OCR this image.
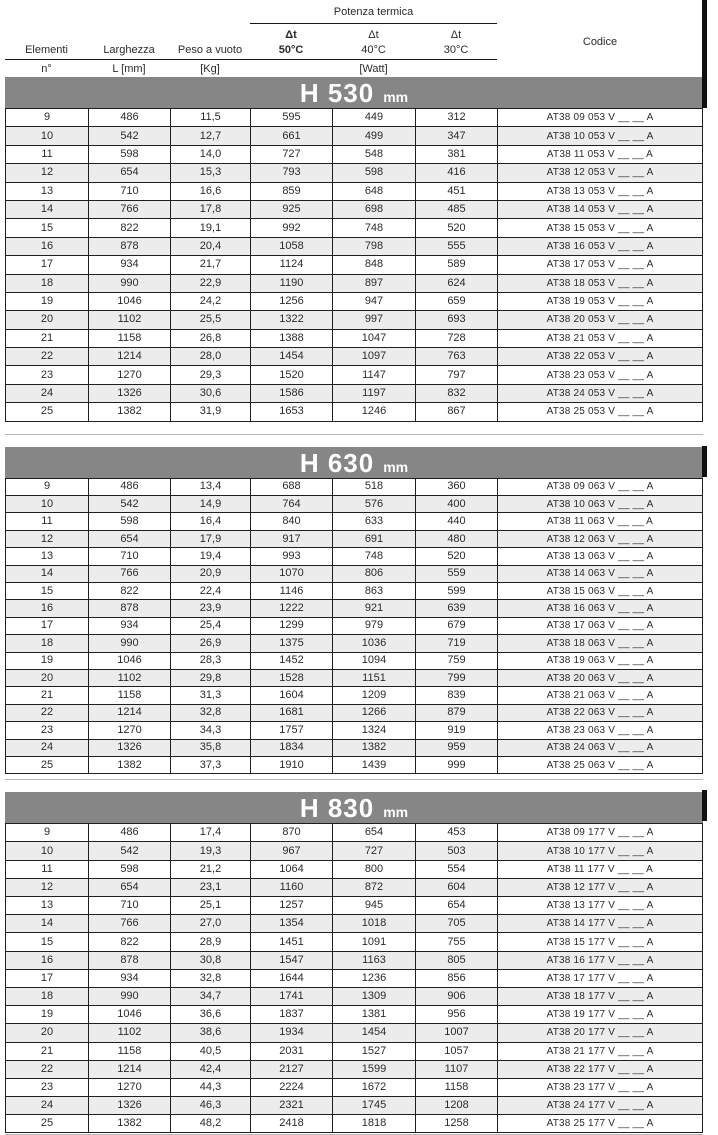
Potenza termica
Δt	Δt	Δt
Elementi	Larghezza	Peso a vuoto	50°C	40°C	30°C
Codice
n°	L [mm]	[Kg]	[Watt]
H 530 mm
9	486	11,5	595	449	312	AT38 09 053 V __ __ A
10	542	12,7	661	499	347	AT38 10 053 V __ __ A
11	598	14,0	727	548	381	AT38 11 053 V __ __ A
12	654	15,3	793	598	416	AT38 12 053 V __ __ A
13	710	16,6	859	648	451	AT38 13 053 V __ __ A
14	766	17,8	925	698	485	AT38 14 053 V __ __ A
15	822	19,1	992	748	520	AT38 15 053 V __ __ A
16	878	20,4	1058	798	555	AT38 16 053 V __ __ A
17	934	21,7	1124	848	589	AT38 17 053 V __ __ A
18	990	22,9	1190	897	624	AT38 18 053 V __ __ A
19	1046	24,2	1256	947	659	AT38 19 053 V __ __ A
20	1102	25,5	1322	997	693	AT38 20 053 V __ __ A
21	1158	26,8	1388	1047	728	AT38 21 053 V __ __ A
22	1214	28,0	1454	1097	763	AT38 22 053 V __ __ A
23	1270	29,3	1520	1147	797	AT38 23 053 V __ __ A
24	1326	30,6	1586	1197	832	AT38 24 053 V __ __ A
25	1382	31,9	1653	1246	867	AT38 25 053 V __ __ A
H 630 mm
9	486	13,4	688	518	360	AT38 09 063 V __ __ A
10	542	14,9	764	576	400	AT38 10 063 V __ __ A
11	598	16,4	840	633	440	AT38 11 063 V __ __ A
12	654	17,9	917	691	480	AT38 12 063 V __ __ A
13	710	19,4	993	748	520	AT38 13 063 V __ __ A
14	766	20,9	1070	806	559	AT38 14 063 V __ __ A
15	822	22,4	1146	863	599	AT38 15 063 V __ __ A
16	878	23,9	1222	921	639	AT38 16 063 V __ __ A
17	934	25,4	1299	979	679	AT38 17 063 V __ __ A
18	990	26,9	1375	1036	719	AT38 18 063 V __ __ A
19	1046	28,3	1452	1094	759	AT38 19 063 V __ __ A
20	1102	29,8	1528	1151	799	AT38 20 063 V __ __ A
21	1158	31,3	1604	1209	839	AT38 21 063 V __ __ A
22	1214	32,8	1681	1266	879	AT38 22 063 V __ __ A
23	1270	34,3	1757	1324	919	AT38 23 063 V __ __ A
24	1326	35,8	1834	1382	959	AT38 24 063 V __ __ A
25	1382	37,3	1910	1439	999	AT38 25 063 V __ __ A
H 830 mm
9	486	17,4	870	654	453	AT38 09 177 V __ __ A
10	542	19,3	967	727	503	AT38 10 177 V __ __ A
11	598	21,2	1064	800	554	AT38 11 177 V __ __ A
12	654	23,1	1160	872	604	AT38 12 177 V __ __ A
13	710	25,1	1257	945	654	AT38 13 177 V __ __ A
14	766	27,0	1354	1018	705	AT38 14 177 V __ __ A
15	822	28,9	1451	1091	755	AT38 15 177 V __ __ A
16	878	30,8	1547	1163	805	AT38 16 177 V __ __ A
17	934	32,8	1644	1236	856	AT38 17 177 V __ __ A
18	990	34,7	1741	1309	906	AT38 18 177 V __ __ A
19	1046	36,6	1837	1381	956	AT38 19 177 V __ __ A
20	1102	38,6	1934	1454	1007	AT38 20 177 V __ __ A
21	1158	40,5	2031	1527	1057	AT38 21 177 V __ __ A
22	1214	42,4	2127	1599	1107	AT38 22 177 V __ __ A
23	1270	44,3	2224	1672	1158	AT38 23 177 V __ __ A
24	1326	46,3	2321	1745	1208	AT38 24 177 V __ __ A
25	1382	48,2	2418	1818	1258	AT38 25 177 V __ __ A
